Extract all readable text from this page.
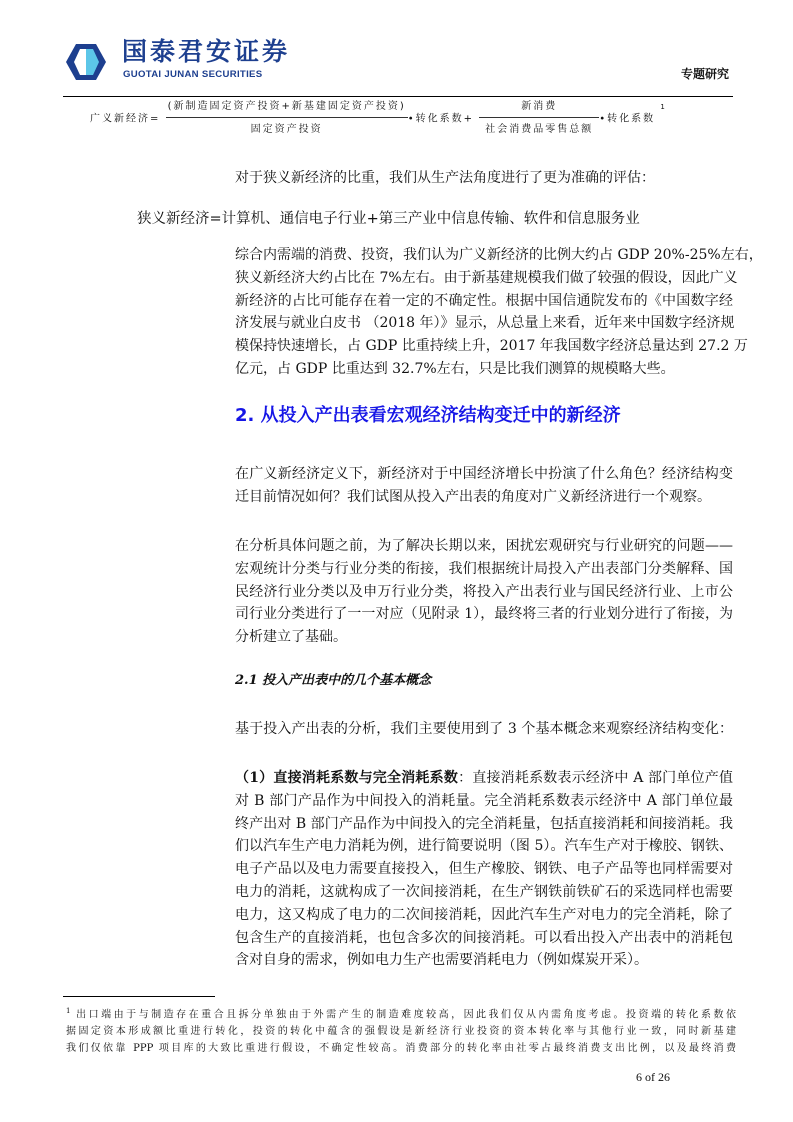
国泰君安证券
GUOTAI JUNAN SECURITIES	专题研究
广义新经济= $\frac{\text{(新制造固定资产投资+新基建固定资产投资)}}{\text{固定资产投资}}$ •转化系数+ $\frac{\text{新消费}}{\text{社会消费品零售总额}}$ •转化系数 $^1$
对于狭义新经济的比重，我们从生产法角度进行了更为准确的评估：
狭义新经济=计算机、通信电子行业+第三产业中信息传输、软件和信息服务业
综合内需端的消费、投资，我们认为广义新经济的比例大约占 GDP 20%-25%左右，
狭义新经济大约占比在 7%左右。由于新基建规模我们做了较强的假设，因此广义
新经济的占比可能存在着一定的不确定性。根据中国信通院发布的《中国数字经
济发展与就业白皮书 （2018 年）》显示，从总量上来看，近年来中国数字经济规
模保持快速增长，占 GDP 比重持续上升，2017 年我国数字经济总量达到 27.2 万
亿元，占 GDP 比重达到 32.7%左右，只是比我们测算的规模略大些。
2. 从投入产出表看宏观经济结构变迁中的新经济
在广义新经济定义下，新经济对于中国经济增长中扮演了什么角色？经济结构变
迁目前情况如何？我们试图从投入产出表的角度对广义新经济进行一个观察。
在分析具体问题之前，为了解决长期以来，困扰宏观研究与行业研究的问题——
宏观统计分类与行业分类的衔接，我们根据统计局投入产出表部门分类解释、国
民经济行业分类以及申万行业分类，将投入产出表行业与国民经济行业、上市公
司行业分类进行了一一对应（见附录 1），最终将三者的行业划分进行了衔接，为
分析建立了基础。
2.1 投入产出表中的几个基本概念
基于投入产出表的分析，我们主要使用到了 3 个基本概念来观察经济结构变化：
（1）直接消耗系数与完全消耗系数：直接消耗系数表示经济中 A 部门单位产值
对 B 部门产品作为中间投入的消耗量。完全消耗系数表示经济中 A 部门单位最
终产出对 B 部门产品作为中间投入的完全消耗量，包括直接消耗和间接消耗。我
们以汽车生产电力消耗为例，进行简要说明（图 5）。汽车生产对于橡胶、钢铁、
电子产品以及电力需要直接投入，但生产橡胶、钢铁、电子产品等也同样需要对
电力的消耗，这就构成了一次间接消耗，在生产钢铁前铁矿石的采选同样也需要
电力，这又构成了电力的二次间接消耗，因此汽车生产对电力的完全消耗，除了
包含生产的直接消耗，也包含多次的间接消耗。可以看出投入产出表中的消耗包
含对自身的需求，例如电力生产也需要消耗电力（例如煤炭开采）。
$^1$ 出口端由于与制造存在重合且拆分单独由于外需产生的制造难度较高，因此我们仅从内需角度考虑。投资端的转化系数依
据固定资本形成额比重进行转化，投资的转化中蕴含的强假设是新经济行业投资的资本转化率与其他行业一致，同时新基建
我们仅依靠 PPP 项目库的大致比重进行假设，不确定性较高。消费部分的转化率由社零占最终消费支出比例，以及最终消费
6 of 26
